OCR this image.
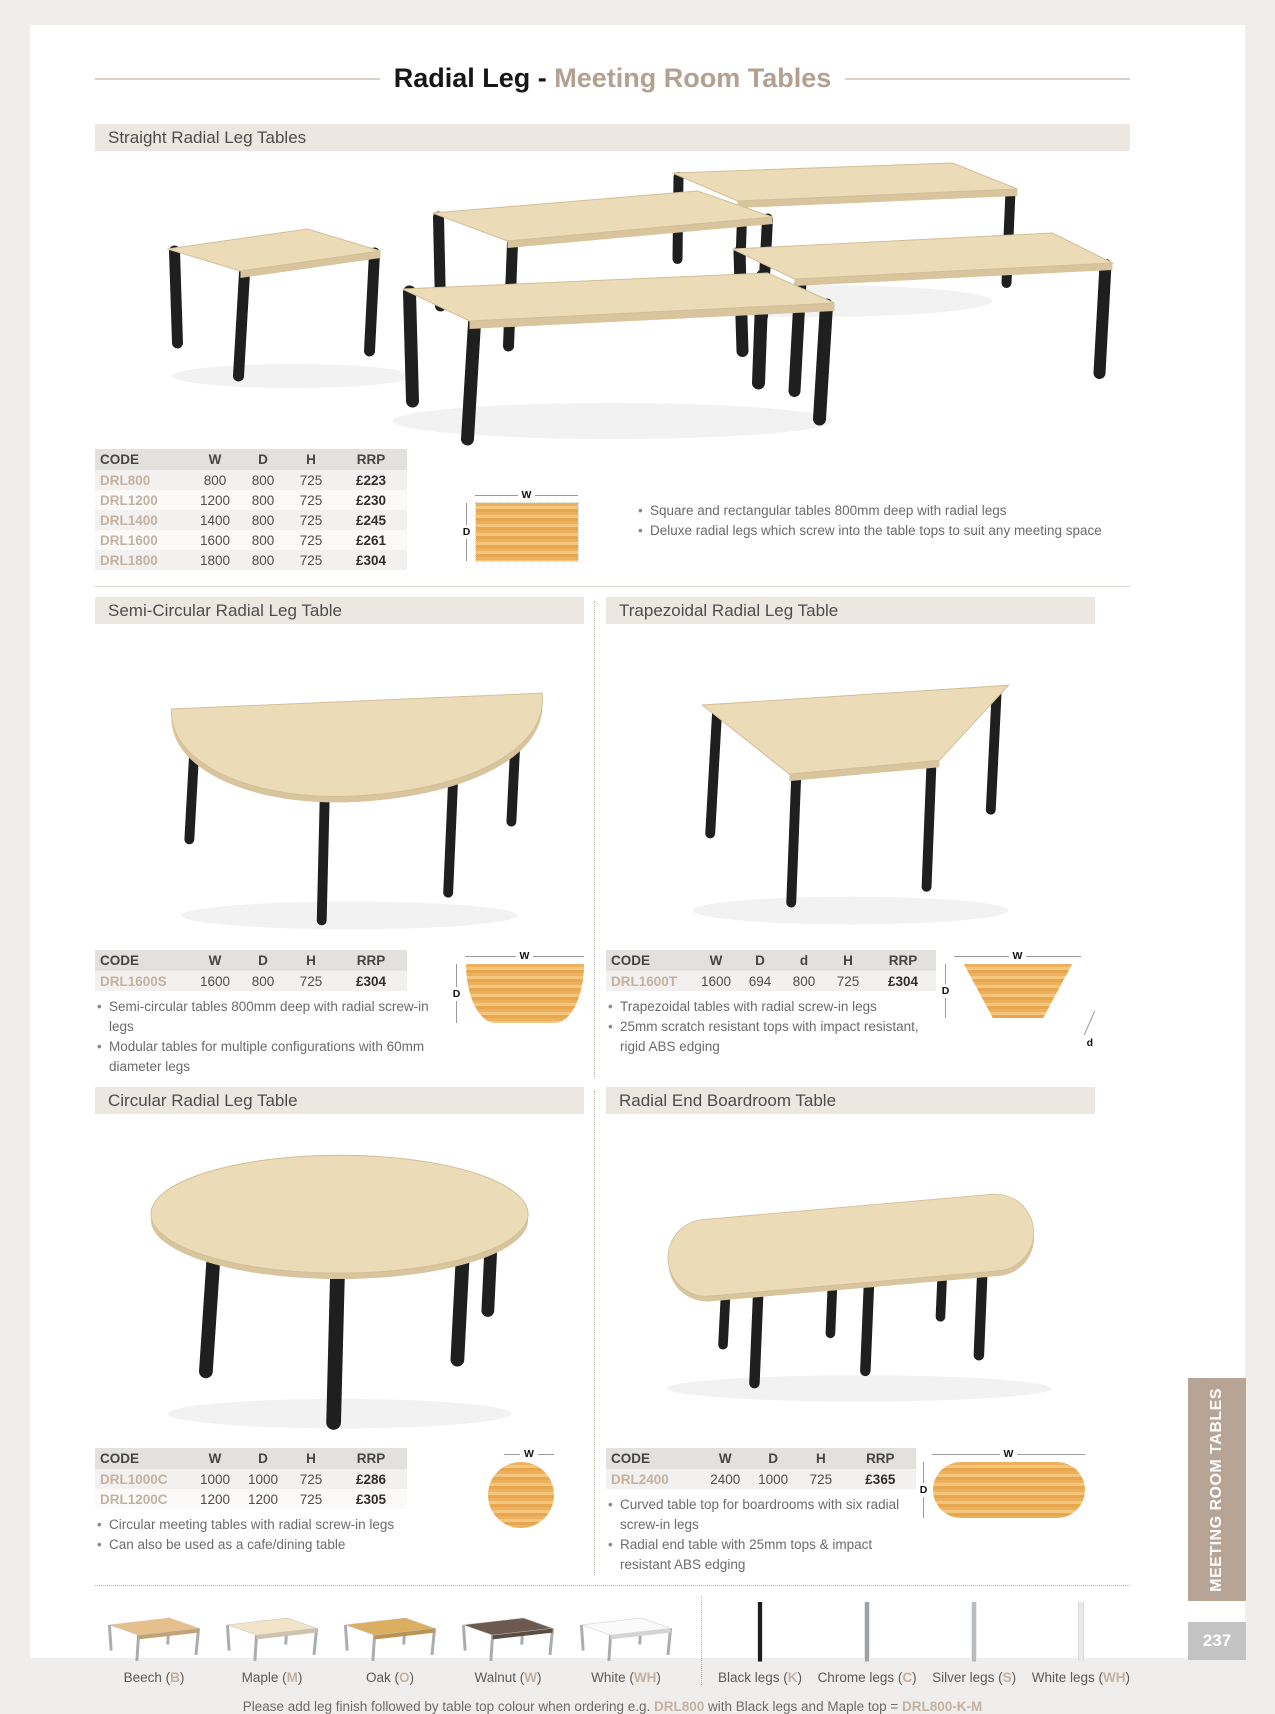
Radial Leg - Meeting Room Tables
Straight Radial Leg Tables
CODE	W	D	H	RRP
DRL800	800	800	725	£223
DRL1200	1200	800	725	£230
DRL1400	1400	800	725	£245
DRL1600	1600	800	725	£261
DRL1800	1800	800	725	£304
W
D
• Square and rectangular tables 800mm deep with radial legs
• Deluxe radial legs which screw into the table tops to suit any meeting space
Semi-Circular Radial Leg Table
CODE	W	D	H	RRP
DRL1600S	1600	800	725	£304
• Semi-circular tables 800mm deep with radial screw-in legs
• Modular tables for multiple configurations with 60mm diameter legs
W
D
Trapezoidal Radial Leg Table
CODE	W	D	d	H	RRP
DRL1600T	1600	694	800	725	£304
• Trapezoidal tables with radial screw-in legs
• 25mm scratch resistant tops with impact resistant, rigid ABS edging
W
D
d
Circular Radial Leg Table
CODE	W	D	H	RRP
DRL1000C	1000	1000	725	£286
DRL1200C	1200	1200	725	£305
• Circular meeting tables with radial screw-in legs
• Can also be used as a cafe/dining table
W
Radial End Boardroom Table
CODE	W	D	H	RRP
DRL2400	2400	1000	725	£365
• Curved table top for boardrooms with six radial screw-in legs
• Radial end table with 25mm tops & impact resistant ABS edging
W
D
Beech (B)	Maple (M)	Oak (O)	Walnut (W)	White (WH)	Black legs (K) Chrome legs (C) Silver legs (S) White legs (WH)
Please add leg finish followed by table top colour when ordering e.g. DRL800 with Black legs and Maple top = DRL800-K-M
MEETING ROOM TABLES
237
